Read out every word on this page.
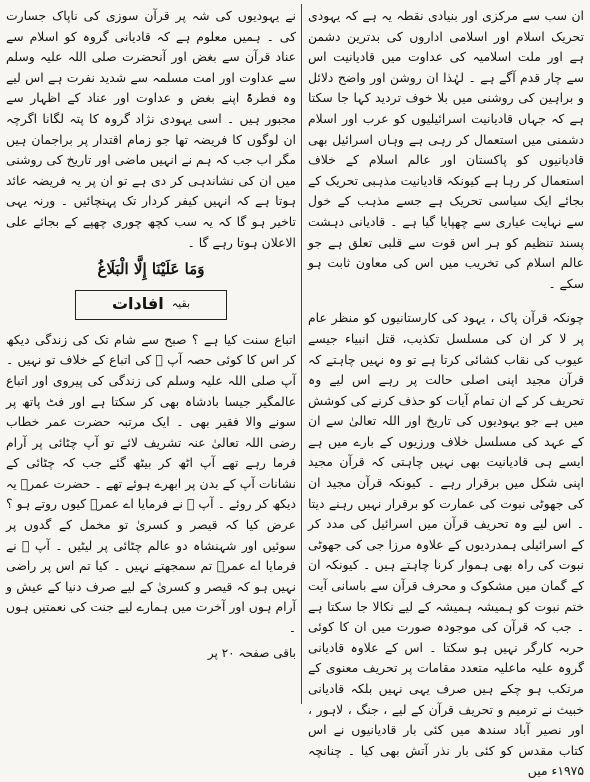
ان سب سے مرکزی اور بنیادی نقطہ یہ ہے کہ یہودی تحریک اسلام اور اسلامی اداروں کی بدترین دشمن ہے اور ملت اسلامیہ کی عداوت میں قادیانیت اس سے چار قدم آگے ہے ۔ لہٰذا ان روشن اور واضح دلائل و براہین کی روشنی میں بلا خوف تردید کہا جا سکتا ہے کہ جہاں قادیانیت اسرائیلیوں کو عرب اور اسلام دشمنی میں استعمال کر رہی ہے وہاں اسرائیل بھی قادیانیوں کو پاکستان اور عالم اسلام کے خلاف استعمال کر رہا ہے کیونکہ قادیانیت مذہبی تحریک کے بجائے ایک سیاسی تحریک ہے جسے مذہب کے خول سے نہایت عیاری سے چھپایا گیا ہے ۔ قادیانی دہشت پسند تنظیم کو ہر اس قوت سے قلبی تعلق ہے جو عالم اسلام کی تخریب میں اس کی معاون ثابت ہو سکے ۔

چونکہ قرآن پاک ، یہود کی کارستانیوں کو منظر عام پر لا کر ان کی مسلسل تکذیب، قتل انبیاء جیسے عیوب کی نقاب کشائی کرتا ہے تو وہ نہیں چاہتے کہ قرآن مجید اپنی اصلی حالت پر رہے اس لیے وہ تحریف کر کے ان تمام آیات کو حذف کرنے کی کوشش میں ہے جو یہودیوں کی تاریخ اور اللہ تعالیٰ سے ان کے عہد کی مسلسل خلاف ورزیوں کے بارے میں ہے ایسے ہی قادیانیت بھی نہیں چاہتی کہ قرآن مجید اپنی شکل میں برقرار رہے ۔ کیونکہ قرآن مجید ان کی جھوٹی نبوت کی عمارت کو برقرار نہیں رہنے دیتا ۔ اس لیے وہ تحریف قرآن میں اسرائیل کی مدد کر کے اسرائیلی ہمدردیوں کے علاوہ مرزا جی کی جھوٹی نبوت کی راہ بھی ہموار کرنا چاہتے ہیں ۔ کیونکہ ان کے گمان میں مشکوک و محرف قرآن سے باسانی آیت ختم نبوت کو ہمیشہ ہمیشہ کے لیے نکالا جا سکتا ہے ۔ جب کہ قرآن کی موجودہ صورت میں ان کا کوئی حربہ کارگر نہیں ہو سکتا ۔ اس کے علاوہ قادیانی گروہ علیہ ماعلیہ متعدد مقامات پر تحریف معنوی کے مرتکب ہو چکے ہیں صرف یہی نہیں بلکہ قادیانی خبیث نے ترمیم و تحریف قرآن کے لیے ، جنگ ، لاہور ، اور نصیر آباد سندھ میں کئی بار قادیانیوں نے اس کتاب مقدس کو کئی بار نذر آتش بھی کیا ۔ چنانچہ ۱۹۷۵ء میں

نے یہودیوں کی شہ پر قرآن سوزی کی ناپاک جسارت کی ۔ ہمیں معلوم ہے کہ قادیانی گروہ کو اسلام سے عناد قرآن سے بغض اور آنحضرت صلی اللہ علیہ وسلم سے عداوت اور امت مسلمہ سے شدید نفرت ہے اس لیے وہ فطرۃً اپنے بغض و عداوت اور عناد کے اظہار سے مجبور ہیں ۔ اسی یہودی نژاد گروہ کا پتہ لگانا اگرچہ ان لوگوں کا فریضہ تھا جو زمام اقتدار پر براجمان ہیں مگر اب جب کہ ہم نے انہیں ماضی اور تاریخ کی روشنی میں ان کی نشاندہی کر دی ہے تو ان پر یہ فریضہ عائد ہوتا ہے کہ انہیں کیفر کردار تک پہنچائیں ۔ ورنہ یہی تاخیر ہو گا کہ یہ سب کچھ چوری چھپے کے بجائے علی الاعلان ہوتا رہے گا ۔

وَمَا عَلَيْنَا إِلَّا الْبَلَاغُ
بقیہ
افادات

اتباع سنت کیا ہے ؟ صبح سے شام تک کی زندگی دیکھ کر اس کا کوئی حصہ آپ ﷺ کی اتباع کے خلاف تو نہیں ۔ آپ صلی اللہ علیہ وسلم کی زندگی کی پیروی اور اتباع عالمگیر جیسا بادشاہ بھی کر سکتا ہے اور فٹ پاتھ پر سونے والا فقیر بھی ۔ ایک مرتبہ حضرت عمر خطاب رضی اللہ تعالیٰ عنہ تشریف لائے تو آپ چٹائی پر آرام فرما رہے تھے آپ اٹھ کر بیٹھ گئے جب کہ چٹائی کے نشانات آپ کے بدن پر ابھرے ہوئے تھے ۔ حضرت عمرؓ یہ دیکھ کر روئے ۔ آپ ﷺ نے فرمایا اے عمرؓ کیوں روتے ہو ؟ عرض کیا کہ قیصر و کسریٰ تو مخمل کے گدوں پر سوئیں اور شہنشاہ دو عالم چٹائی پر لیٹیں ۔ آپ ﷺ نے فرمایا اے عمرؓ تم سمجھتے نہیں ۔ کیا تم اس پر راضی نہیں ہو کہ قیصر و کسریٰ کے لیے صرف دنیا کے عیش و آرام ہوں اور آخرت میں ہمارے لیے جنت کی نعمتیں ہوں ۔

باقی صفحہ ۲۰ پر
